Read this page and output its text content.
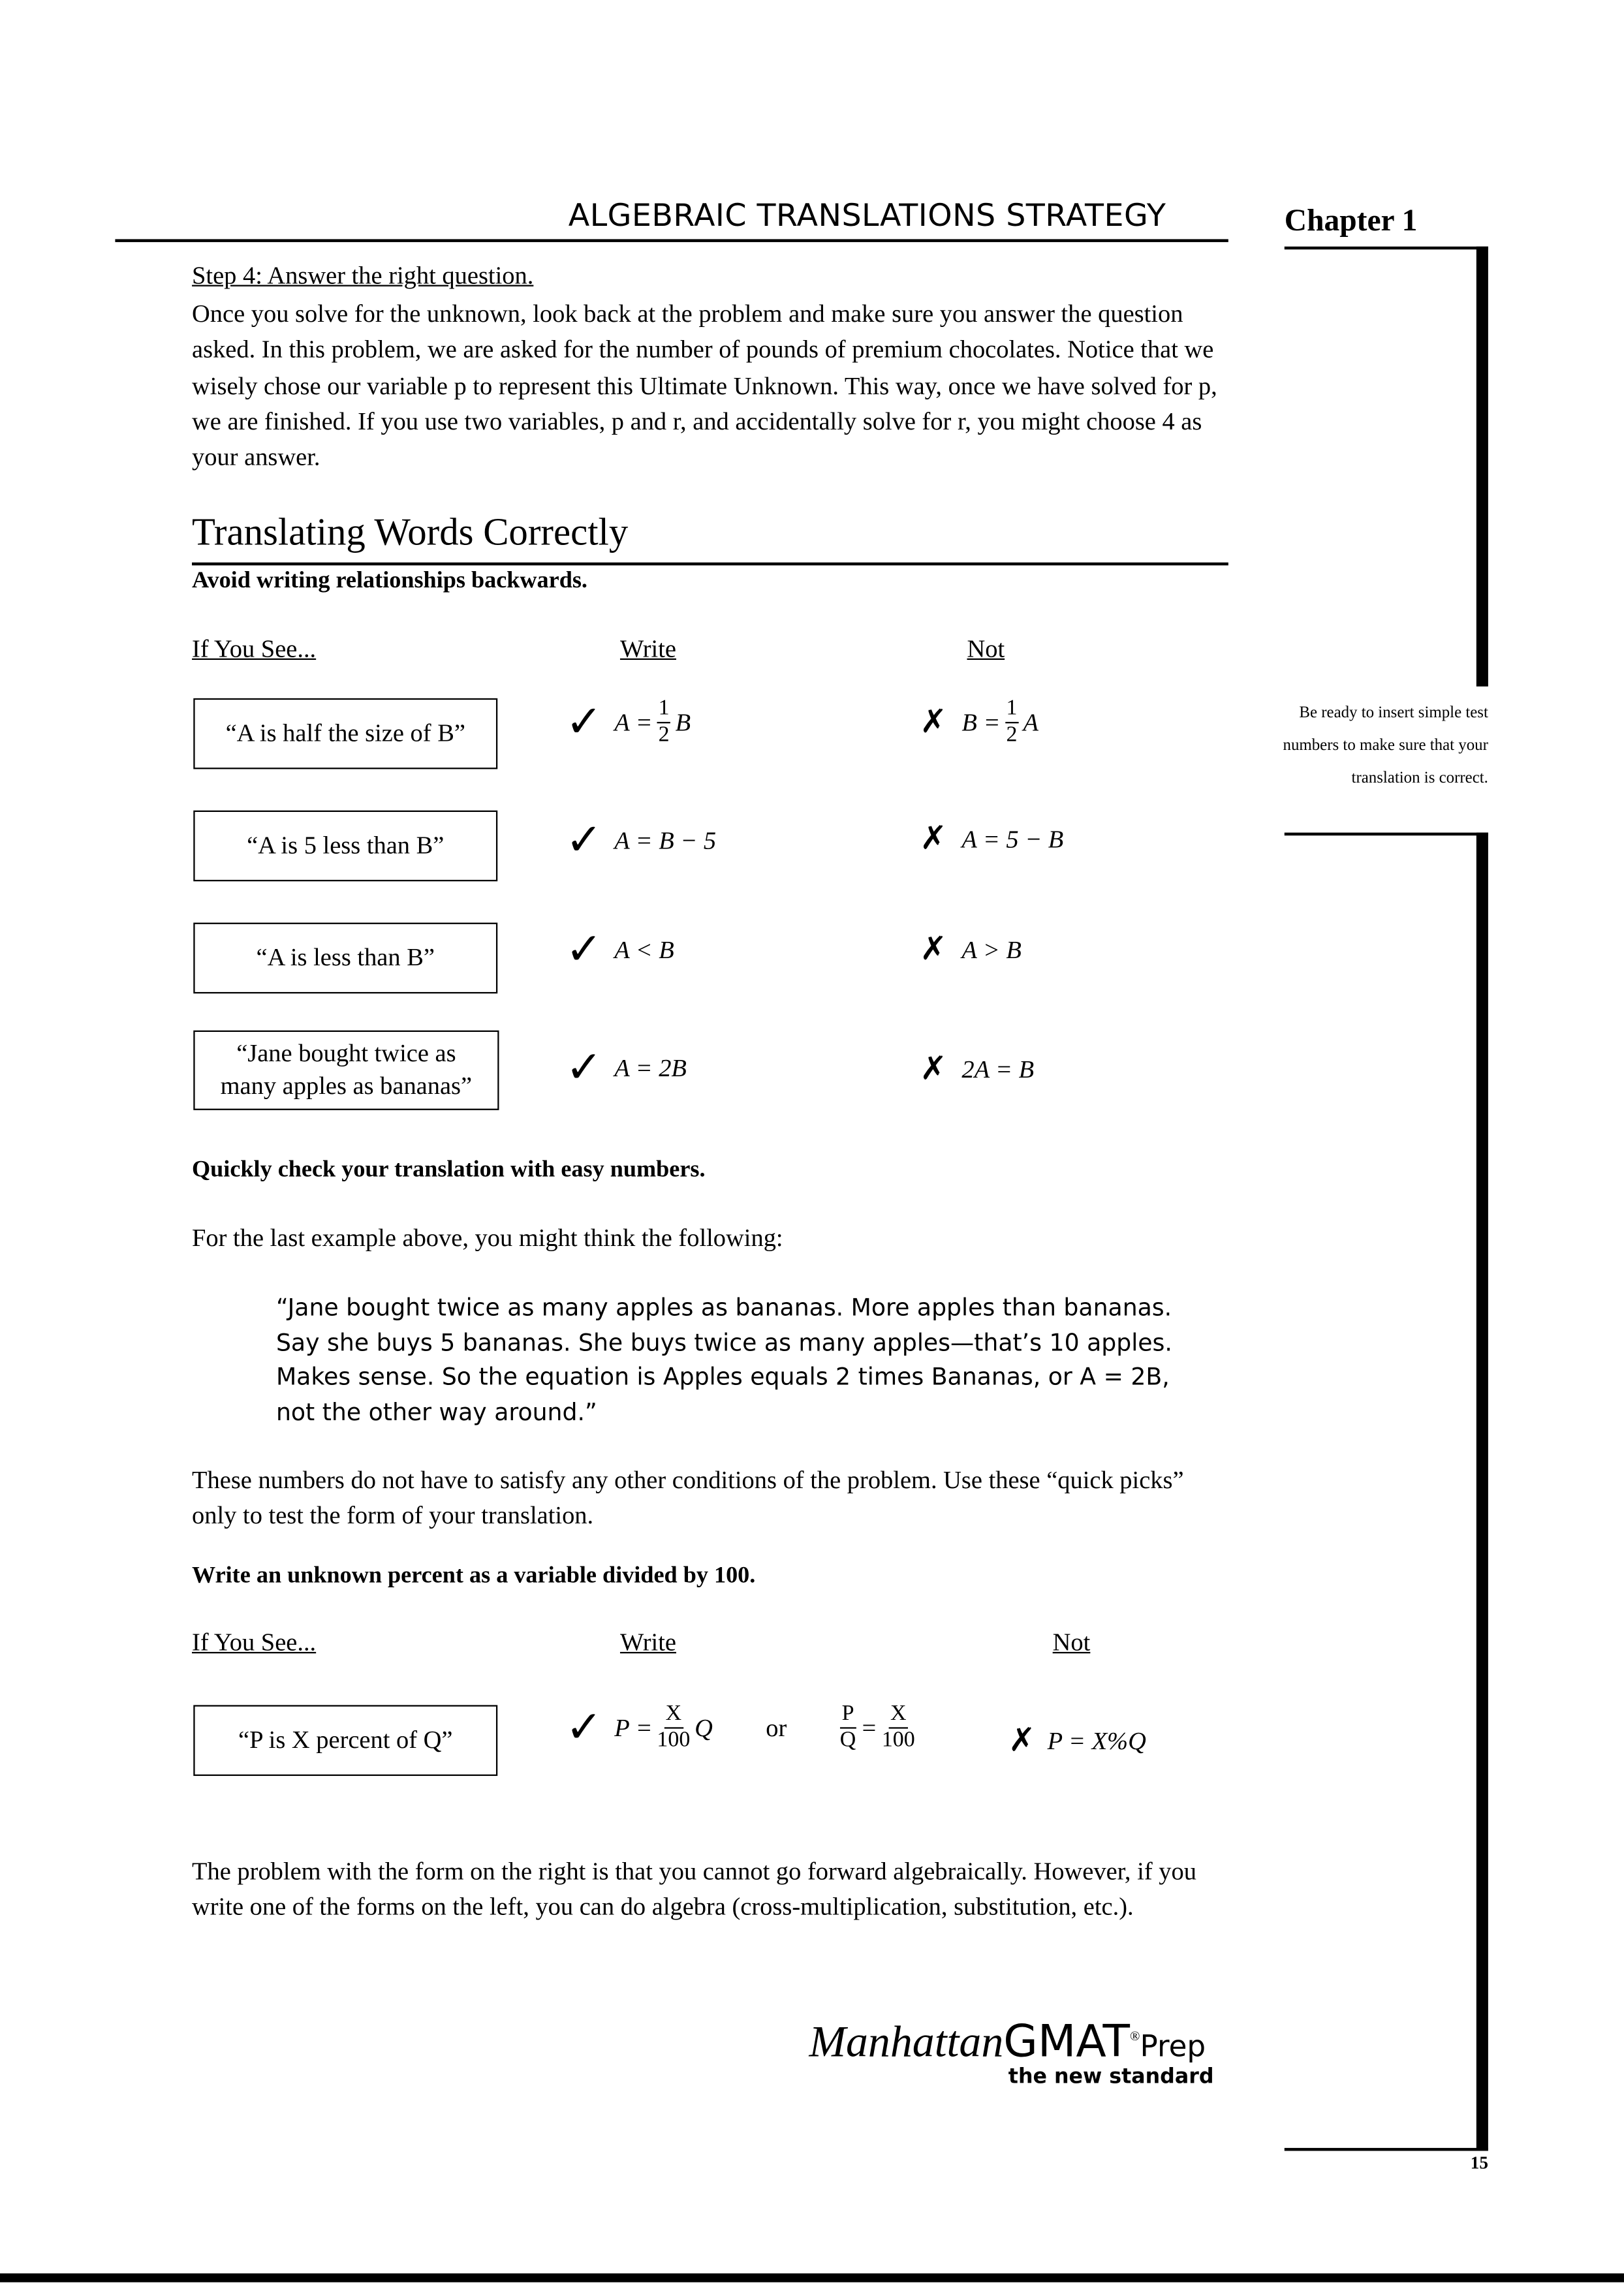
ALGEBRAIC TRANSLATIONS STRATEGY	Chapter 1
Be ready to insert simple test numbers to make sure that your translation is correct.
15
Step 4: Answer the right question.
Once you solve for the unknown, look back at the problem and make sure you answer the question asked. In this problem, we are asked for the number of pounds of premium chocolates. Notice that we wisely chose our variable p to represent this Ultimate Unknown. This way, once we have solved for p, we are finished. If you use two variables, p and r, and accidentally solve for r, you might choose 4 as your answer.
Translating Words Correctly
Avoid writing relationships backwards.
If You See...	Write	Not
“A is half the size of B”	✓ $A = \frac{1}{2}$ B	✗ $B = \frac{1}{2}$ A
“A is 5 less than B”	✓ A = B − 5	✗ A = 5 − B
“A is less than B”	✓ A < B	✗ A > B
“Jane bought twice as many apples as bananas”	✓ A = 2B	✗ 2A = B
Quickly check your translation with easy numbers.
For the last example above, you might think the following:
“Jane bought twice as many apples as bananas. More apples than bananas. Say she buys 5 bananas. She buys twice as many apples—that’s 10 apples. Makes sense. So the equation is Apples equals 2 times Bananas, or A = 2B, not the other way around.”
These numbers do not have to satisfy any other conditions of the problem. Use these “quick picks” only to test the form of your translation.
Write an unknown percent as a variable divided by 100.
If You See...	Write	Not
“P is X percent of Q”	✓ $P = \frac{X}{100}$ Q	or	$\frac{P}{Q} = \frac{X}{100}$	✗ P = X%Q
The problem with the form on the right is that you cannot go forward algebraically. However, if you write one of the forms on the left, you can do algebra (cross-multiplication, substitution, etc.).
ManhattanGMAT®Prep
the new standard
